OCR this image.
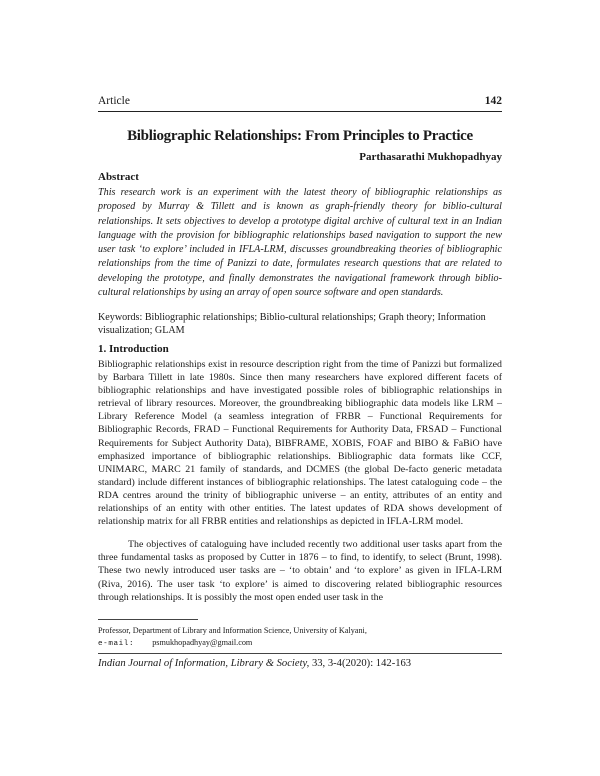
Article	142
Bibliographic Relationships: From Principles to Practice
Parthasarathi Mukhopadhyay
Abstract
This research work is an experiment with the latest theory of bibliographic relationships as proposed by Murray & Tillett and is known as graph-friendly theory for biblio-cultural relationships. It sets objectives to develop a prototype digital archive of cultural text in an Indian language with the provision for bibliographic relationships based navigation to support the new user task ‘to explore’ included in IFLA-LRM, discusses groundbreaking theories of bibliographic relationships from the time of Panizzi to date, formulates research questions that are related to developing the prototype, and finally demonstrates the navigational framework through biblio-cultural relationships by using an array of open source software and open standards.
Keywords: Bibliographic relationships; Biblio-cultural relationships; Graph theory; Information visualization; GLAM
1. Introduction

Bibliographic relationships exist in resource description right from the time of Panizzi but formalized by Barbara Tillett in late 1980s. Since then many researchers have explored different facets of bibliographic relationships and have investigated possible roles of bibliographic relationships in retrieval of library resources. Moreover, the groundbreaking bibliographic data models like LRM – Library Reference Model (a seamless integration of FRBR – Functional Requirements for Bibliographic Records, FRAD – Functional Requirements for Authority Data, FRSAD – Functional Requirements for Subject Authority Data), BIBFRAME, XOBIS, FOAF and BIBO & FaBiO have emphasized importance of bibliographic relationships. Bibliographic data formats like CCF, UNIMARC, MARC 21 family of standards, and DCMES (the global De-facto generic metadata standard) include different instances of bibliographic relationships. The latest cataloguing code – the RDA centres around the trinity of bibliographic universe – an entity, attributes of an entity and relationships of an entity with other entities. The latest updates of RDA shows development of relationship matrix for all FRBR entities and relationships as depicted in IFLA-LRM model.

The objectives of cataloguing have included recently two additional user tasks apart from the three fundamental tasks as proposed by Cutter in 1876 – to find, to identify, to select (Brunt, 1998). These two newly introduced user tasks are – ‘to obtain’ and ‘to explore’ as given in IFLA-LRM (Riva, 2016). The user task ‘to explore’ is aimed to discovering related bibliographic resources through relationships. It is possibly the most open ended user task in the

Professor, Department of Library and Information Science, University of Kalyani,
e-mail: psmukhopadhyay@gmail.com
Indian Journal of Information, Library & Society, 33, 3-4(2020): 142-163
